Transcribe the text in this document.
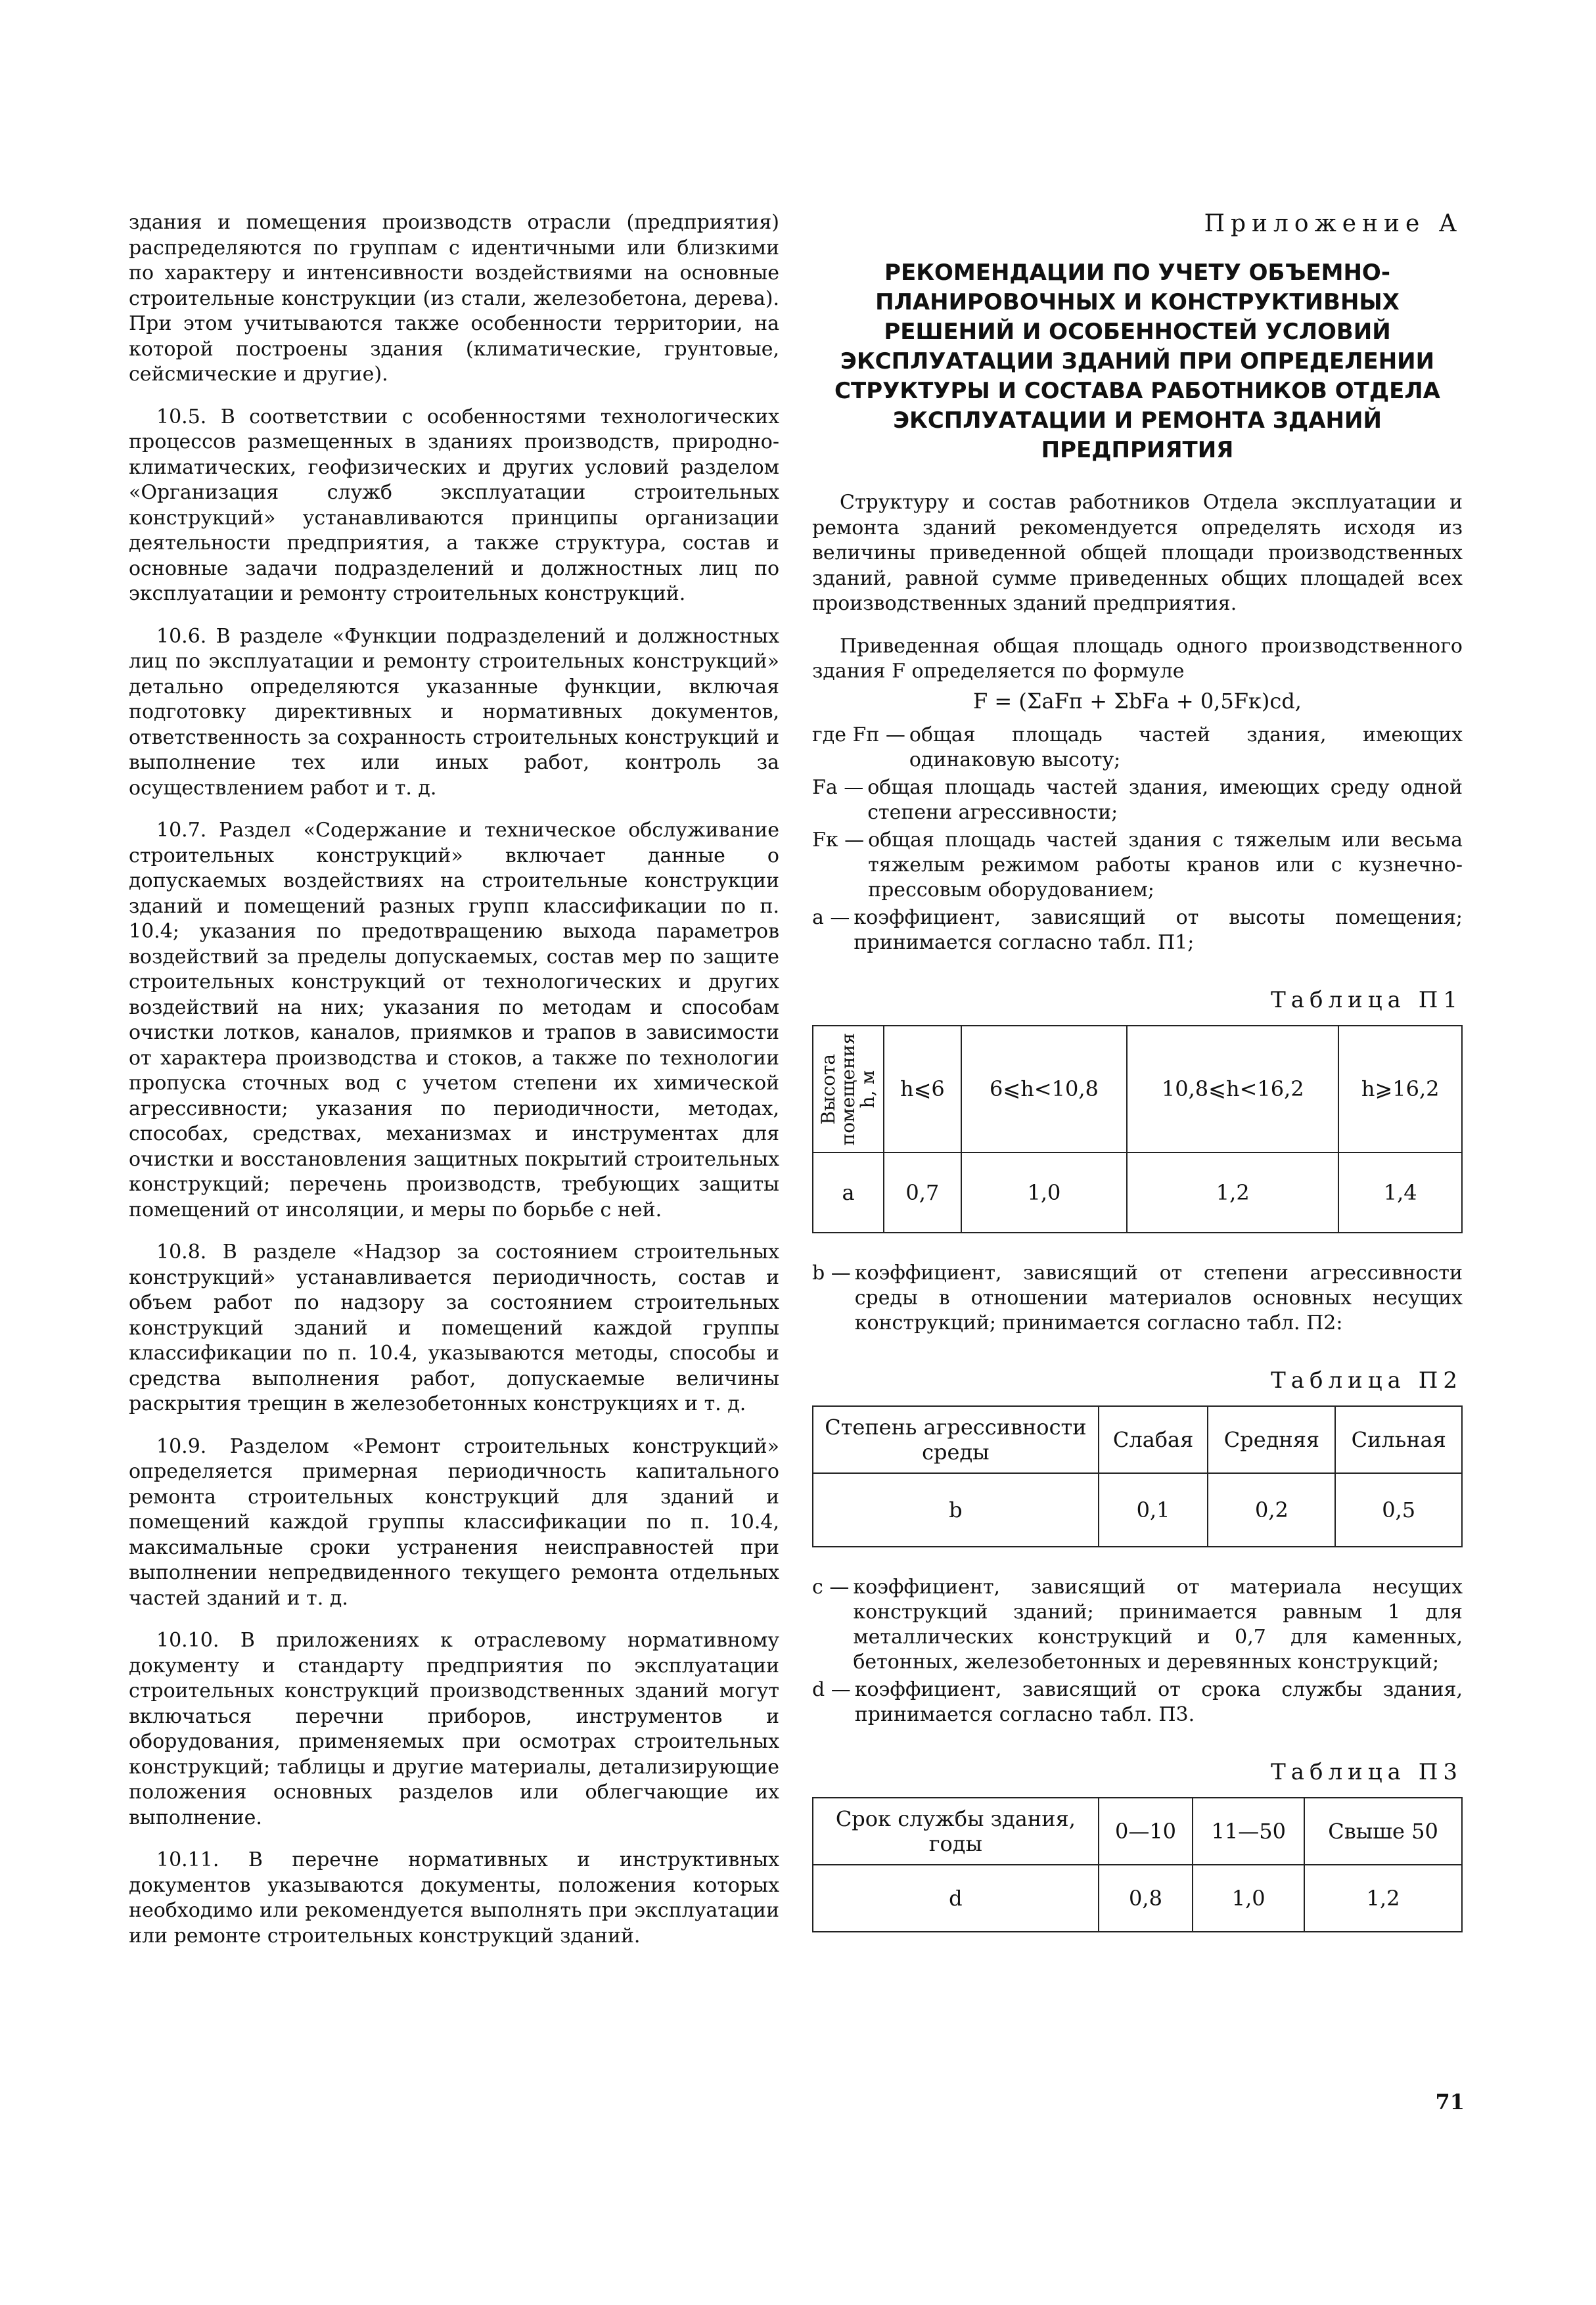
здания и помещения производств отрасли (предприятия) распределяются по группам с идентичными или близкими по характеру и интенсивности воздействиями на основные строительные конструкции (из стали, железобетона, дерева). При этом учитываются также особенности территории, на которой построены здания (климатические, грунтовые, сейсмические и другие).

10.5. В соответствии с особенностями технологических процессов размещенных в зданиях производств, природно-климатических, геофизических и других условий разделом «Организация служб эксплуатации строительных конструкций» устанавливаются принципы организации деятельности предприятия, а также структура, состав и основные задачи подразделений и должностных лиц по эксплуатации и ремонту строительных конструкций.

10.6. В разделе «Функции подразделений и должностных лиц по эксплуатации и ремонту строительных конструкций» детально определяются указанные функции, включая подготовку директивных и нормативных документов, ответственность за сохранность строительных конструкций и выполнение тех или иных работ, контроль за осуществлением работ и т. д.

10.7. Раздел «Содержание и техническое обслуживание строительных конструкций» включает данные о допускаемых воздействиях на строительные конструкции зданий и помещений разных групп классификации по п. 10.4; указания по предотвращению выхода параметров воздействий за пределы допускаемых, состав мер по защите строительных конструкций от технологических и других воздействий на них; указания по методам и способам очистки лотков, каналов, приямков и трапов в зависимости от характера производства и стоков, а также по технологии пропуска сточных вод с учетом степени их химической агрессивности; указания по периодичности, методах, способах, средствах, механизмах и инструментах для очистки и восстановления защитных покрытий строительных конструкций; перечень производств, требующих защиты помещений от инсоляции, и меры по борьбе с ней.

10.8. В разделе «Надзор за состоянием строительных конструкций» устанавливается периодичность, состав и объем работ по надзору за состоянием строительных конструкций зданий и помещений каждой группы классификации по п. 10.4, указываются методы, способы и средства выполнения работ, допускаемые величины раскрытия трещин в железобетонных конструкциях и т. д.

10.9. Разделом «Ремонт строительных конструкций» определяется примерная периодичность капитального ремонта строительных конструкций для зданий и помещений каждой группы классификации по п. 10.4, максимальные сроки устранения неисправностей при выполнении непредвиденного текущего ремонта отдельных частей зданий и т. д.

10.10. В приложениях к отраслевому нормативному документу и стандарту предприятия по эксплуатации строительных конструкций производственных зданий могут включаться перечни приборов, инструментов и оборудования, применяемых при осмотрах строительных конструкций; таблицы и другие материалы, детализирующие положения основных разделов или облегчающие их выполнение.

10.11. В перечне нормативных и инструктивных документов указываются документы, положения которых необходимо или рекомендуется выполнять при эксплуатации или ремонте строительных конструкций зданий.

Приложение А
РЕКОМЕНДАЦИИ ПО УЧЕТУ ОБЪЕМНО-ПЛАНИРОВОЧНЫХ И КОНСТРУКТИВНЫХ РЕШЕНИЙ И ОСОБЕННОСТЕЙ УСЛОВИЙ ЭКСПЛУАТАЦИИ ЗДАНИЙ ПРИ ОПРЕДЕЛЕНИИ СТРУКТУРЫ И СОСТАВА РАБОТНИКОВ ОТДЕЛА ЭКСПЛУАТАЦИИ И РЕМОНТА ЗДАНИЙ ПРЕДПРИЯТИЯ

Структуру и состав работников Отдела эксплуатации и ремонта зданий рекомендуется определять исходя из величины приведенной общей площади производственных зданий, равной сумме приведенных общих площадей всех производственных зданий предприятия.

Приведенная общая площадь одного производственного здания F определяется по формуле

F = (ΣaFп + ΣbFа + 0,5Fк)cd,
где Fп — общая площадь частей здания, имеющих одинаковую высоту;
Fа — общая площадь частей здания, имеющих среду одной степени агрессивности;
Fк — общая площадь частей здания с тяжелым или весьма тяжелым режимом работы кранов или с кузнечно-прессовым оборудованием;
a — коэффициент, зависящий от высоты помещения; принимается согласно табл. П1;
Таблица П1
Высота помещения h, м	h⩽6	6⩽h<10,8	10,8⩽h<16,2	h⩾16,2
a	0,7	1,0	1,2	1,4
b — коэффициент, зависящий от степени агрессивности среды в отношении материалов основных несущих конструкций; принимается согласно табл. П2:
Таблица П2
Степень агрессивности среды	Слабая	Средняя	Сильная
b	0,1	0,2	0,5
c — коэффициент, зависящий от материала несущих конструкций зданий; принимается равным 1 для металлических конструкций и 0,7 для каменных, бетонных, железобетонных и деревянных конструкций;
d — коэффициент, зависящий от срока службы здания, принимается согласно табл. П3.
Таблица П3
Срок службы здания, годы	0—10	11—50	Свыше 50
d	0,8	1,0	1,2
71
